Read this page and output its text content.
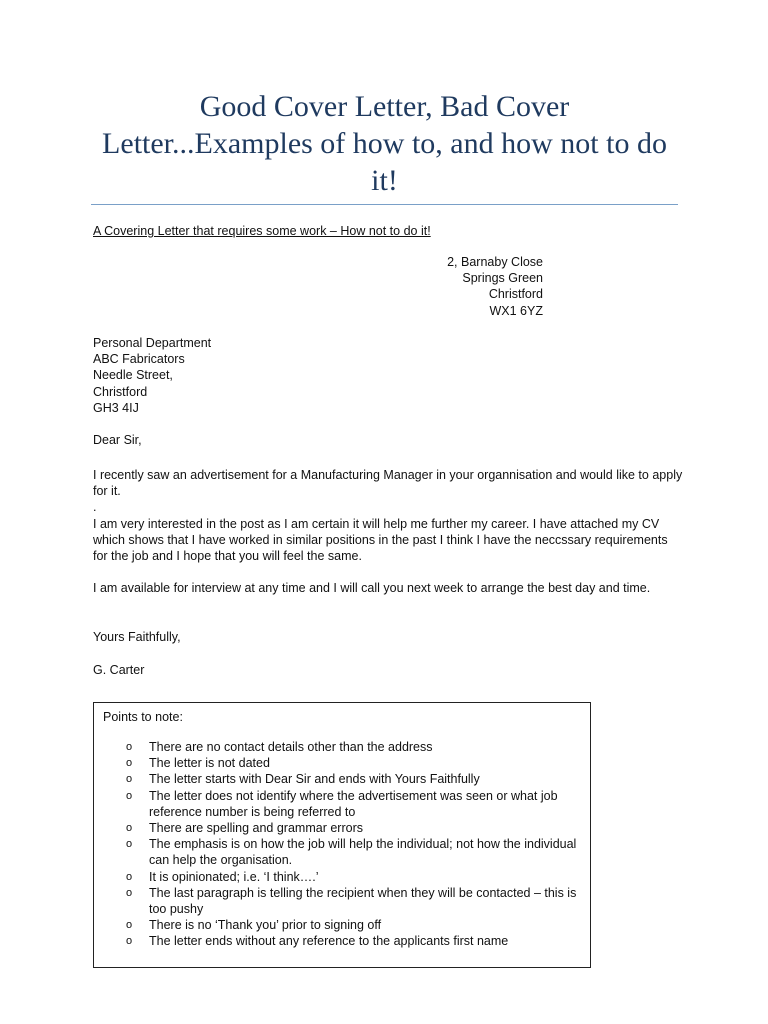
Good Cover Letter, Bad Cover Letter...Examples of how to, and how not to do it!

A Covering Letter that requires some work – How not to do it!

2, Barnaby Close
Springs Green
Christford
WX1 6YZ
Personal Department
ABC Fabricators
Needle Street,
Christford
GH3 4IJ

Dear Sir,

I recently saw an advertisement for a Manufacturing Manager in your organnisation and would like to apply for it.

.

I am very interested in the post as I am certain it will help me further my career. I have attached my CV which shows that I have worked in similar positions in the past I think I have the neccssary requirements for the job and I hope that you will feel the same.

I am available for interview at any time and I will call you next week to arrange the best day and time.

Yours Faithfully,

G. Carter

Points to note:

o There are no contact details other than the address
o The letter is not dated
o The letter starts with Dear Sir and ends with Yours Faithfully
o The letter does not identify where the advertisement was seen or what job reference number is being referred to
o There are spelling and grammar errors
o The emphasis is on how the job will help the individual; not how the individual can help the organisation.
o It is opinionated; i.e. ‘I think….’
o The last paragraph is telling the recipient when they will be contacted – this is too pushy
o There is no ‘Thank you’ prior to signing off
o The letter ends without any reference to the applicants first name
